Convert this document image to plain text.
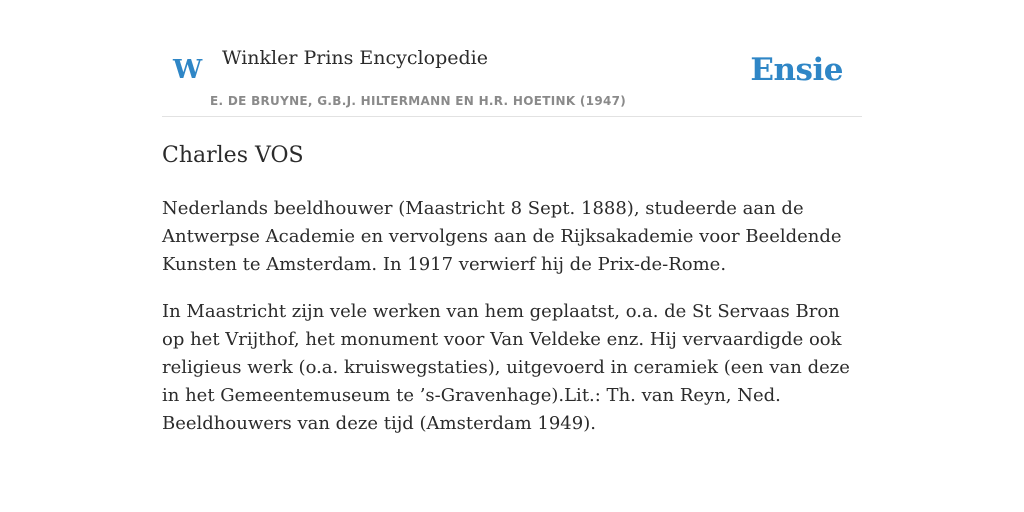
W Winkler Prins Encyclopedie
E. DE BRUYNE, G.B.J. HILTERMANN EN H.R. HOETINK (1947)
Ensie
Charles VOS

Nederlands beeldhouwer (Maastricht 8 Sept. 1888), studeerde aan de Antwerpse Academie en vervolgens aan de Rijksakademie voor Beeldende Kunsten te Amsterdam. In 1917 verwierf hij de Prix-de-Rome.

In Maastricht zijn vele werken van hem geplaatst, o.a. de St Servaas Bron op het Vrijthof, het monument voor Van Veldeke enz. Hij vervaardigde ook religieus werk (o.a. kruiswegstaties), uitgevoerd in ceramiek (een van deze in het Gemeentemuseum te ’s-Gravenhage).Lit.: Th. van Reyn, Ned. Beeldhouwers van deze tijd (Amsterdam 1949).
